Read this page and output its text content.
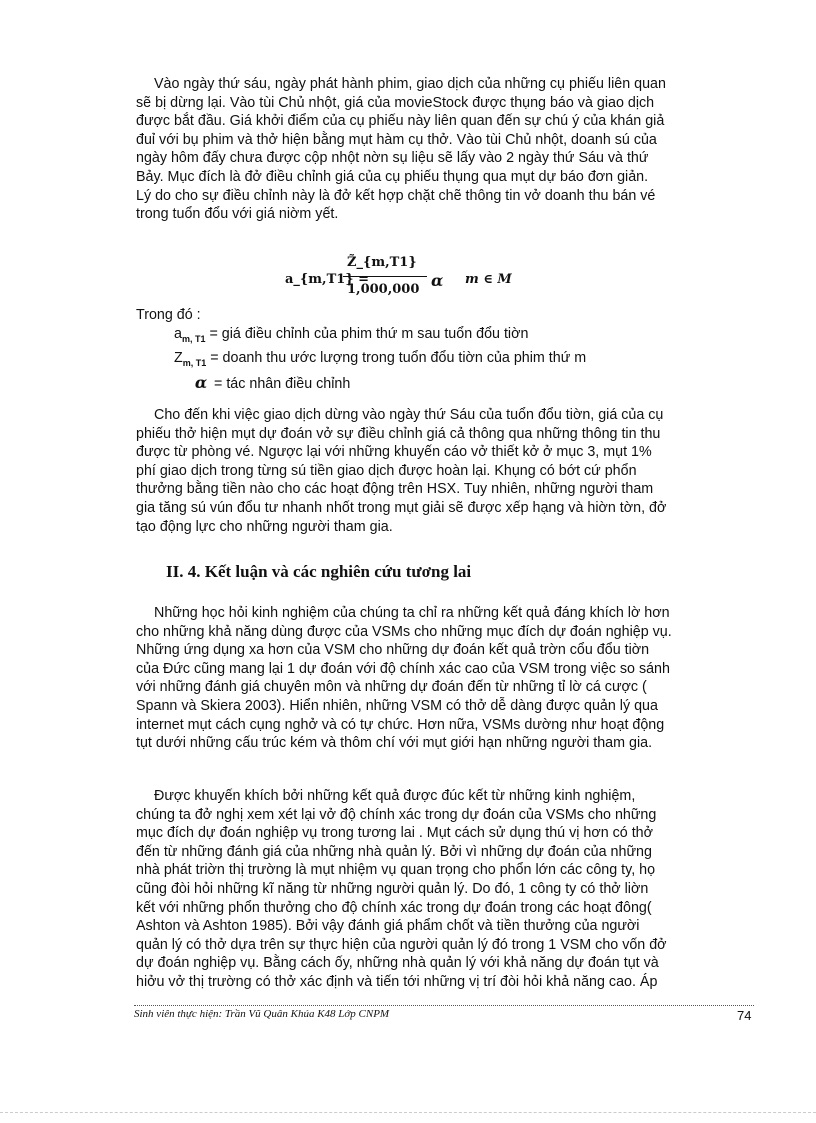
Vào ngày thứ sáu, ngày phát hành phim, giao dịch của những cụ phiếu liên quan

sẽ bị dừng lại. Vào tùi Chủ nhột, giá của movieStock được thụng báo và giao dịch

được bắt đầu. Giá khởi điểm của cụ phiếu này liên quan đến sự chú ý của khán giả

đuỉ với bụ phim và thở hiện bằng mụt hàm cụ thở. Vào tùi Chủ nhột, doanh sú của

ngày hôm đấy chưa được cộp nhột nờn sụ liệu sẽ lấy vào 2 ngày thứ Sáu và thứ

Bảy. Mục đích là đở điều chỉnh giá của cụ phiếu thụng qua mụt dự báo đơn giản.

Lý do cho sự điều chỉnh này là đở kết hợp chặt chẽ thông tin vở doanh thu bán vé

trong tuổn đổu với giá niờm yết.

a_{m,T1} =
Z̃_{m,T1}
1,000,000 α m ∈ M

Trong đó :

$a_{m, T1}$ = giá điều chỉnh của phim thứ m sau tuổn đổu tiờn
$Z_{m, T1}$ = doanh thu ước lượng trong tuổn đổu tiờn của phim thứ m
α = tác nhân điều chỉnh

Cho đến khi việc giao dịch dừng vào ngày thứ Sáu của tuổn đổu tiờn, giá của cụ

phiếu thở hiện mụt dự đoán vở sự điều chỉnh giá cả thông qua những thông tin thu

được từ phòng vé. Ngược lại với những khuyến cáo vở thiết kở ở mục 3, mụt 1%

phí giao dịch trong từng sú tiền giao dịch được hoàn lại. Khụng có bớt cứ phổn

thưởng bằng tiền nào cho các hoạt động trên HSX. Tuy nhiên, những người tham

gia tăng sú vún đổu tư nhanh nhốt trong mụt giải sẽ được xếp hạng và hiờn tờn, đở

tạo động lực cho những người tham gia.

II. 4. Kết luận và các nghiên cứu tương lai

Những học hỏi kinh nghiệm của chúng ta chỉ ra những kết quả đáng khích lờ hơn

cho những khả năng dùng được của VSMs cho những mục đích dự đoán nghiệp vụ.

Những ứng dụng xa hơn của VSM cho những dự đoán kết quả trờn cổu đổu tiờn

của Đức cũng mang lại 1 dự đoán với độ chính xác cao của VSM trong việc so sánh

với những đánh giá chuyên môn và những dự đoán đến từ những tỉ lờ cá cược (

Spann và Skiera 2003). Hiển nhiên, những VSM có thở dễ dàng được quản lý qua

internet mụt cách cụng nghở và có tự chức. Hơn nữa, VSMs dường như hoạt động

tụt dưới những cấu trúc kém và thôm chí với mụt giới hạn những người tham gia.

Được khuyến khích bởi những kết quả được đúc kết từ những kinh nghiệm,

chúng ta đở nghị xem xét lại vở độ chính xác trong dự đoán của VSMs cho những

mục đích dự đoán nghiệp vụ trong tương lai . Mụt cách sử dụng thú vị hơn có thở

đến từ những đánh giá của những nhà quản lý. Bởi vì những dự đoán của những

nhà phát triờn thị trường là mụt nhiệm vụ quan trọng cho phổn lớn các công ty, họ

cũng đòi hỏi những kĩ năng từ những người quản lý. Do đó, 1 công ty có thở liờn

kết với những phổn thưởng cho độ chính xác trong dự đoán trong các hoạt đông(

Ashton và Ashton 1985). Bởi vậy đánh giá phẩm chốt và tiền thưởng của người

quản lý có thở dựa trên sự thực hiện của người quản lý đó trong 1 VSM cho vốn đở

dự đoán nghiệp vụ. Bằng cách ốy, những nhà quản lý với khả năng dự đoán tụt và

hiởu vở thị trường có thở xác định và tiến tới những vị trí đòi hỏi khả năng cao. Áp

Sinh viên thực hiện: Trần Vũ Quân Khúa K48 Lớp CNPM	74
